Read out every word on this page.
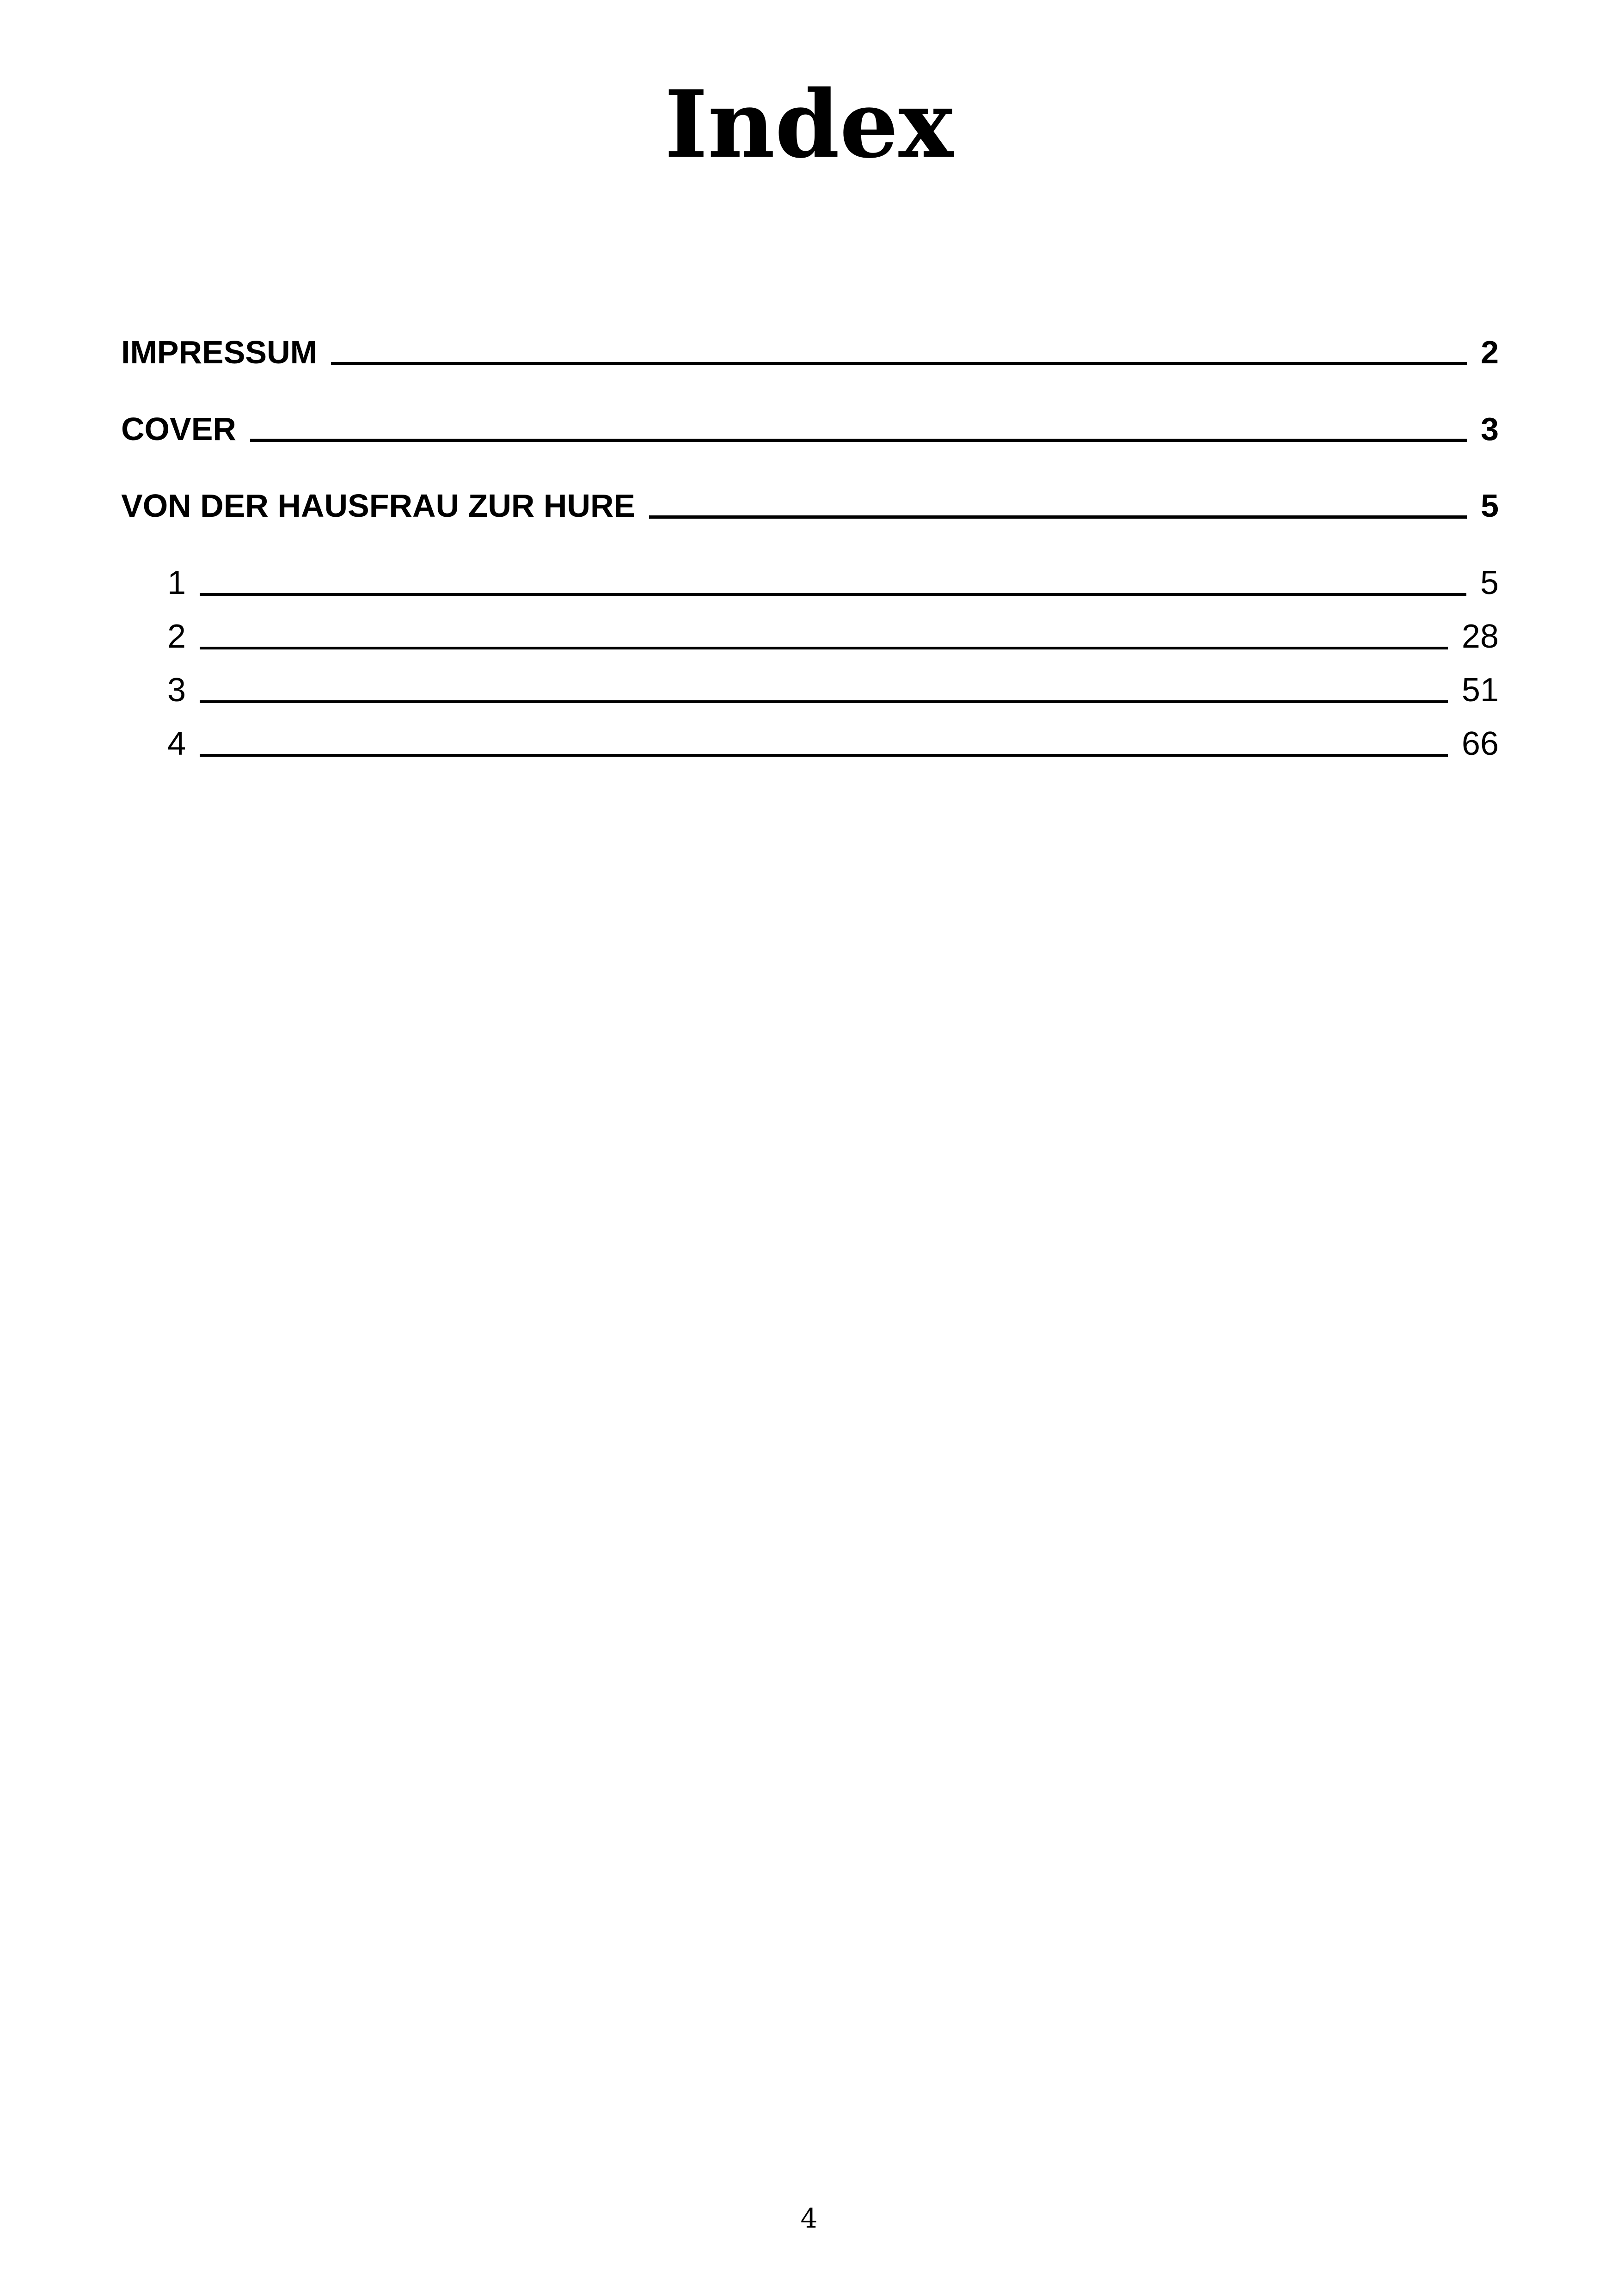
Index
IMPRESSUM	2
COVER	3
VON DER HAUSFRAU ZUR HURE	5
1	5
2	28
3	51
4	66
4
